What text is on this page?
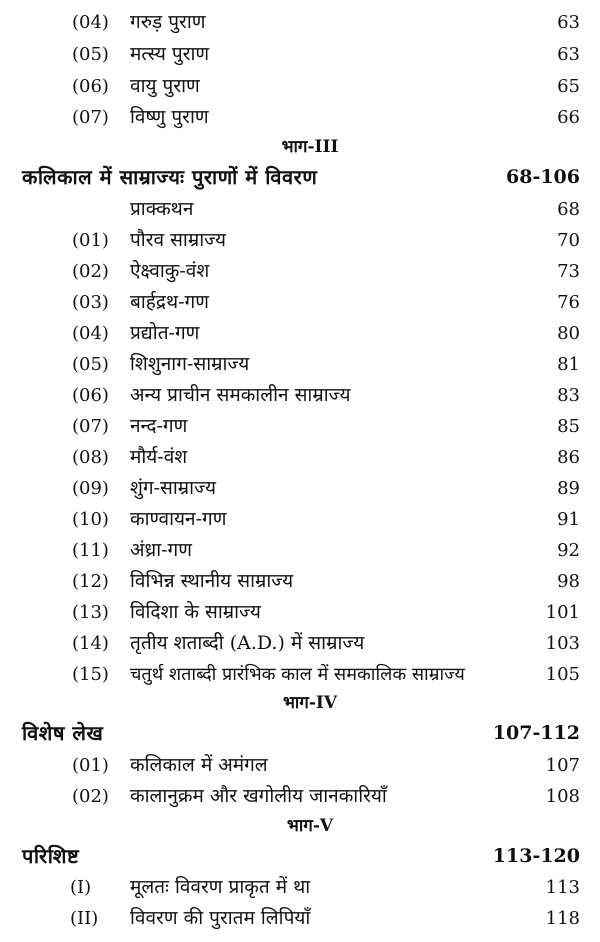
(04)	गरुड़ पुराण	63
(05)	मत्स्य पुराण	63
(06)	वायु पुराण	65
(07)	विष्णु पुराण	66
भाग-III
कलिकाल में साम्राज्यः पुराणों में विवरण	68-106
प्राक्कथन	68
(01)	पौरव साम्राज्य	70
(02)	ऐक्ष्वाकु-वंश	73
(03)	बार्हद्रथ-गण	76
(04)	प्रद्योत-गण	80
(05)	शिशुनाग-साम्राज्य	81
(06)	अन्य प्राचीन समकालीन साम्राज्य	83
(07)	नन्द-गण	85
(08)	मौर्य-वंश	86
(09)	शुंग-साम्राज्य	89
(10)	काण्वायन-गण	91
(11)	अंध्रा-गण	92
(12)	विभिन्न स्थानीय साम्राज्य	98
(13)	विदिशा के साम्राज्य	101
(14)	तृतीय शताब्दी (A.D.) में साम्राज्य	103
(15)	चतुर्थ शताब्दी प्रारंभिक काल में समकालिक साम्राज्य	105
भाग-IV
विशेष लेख	107-112
(01)	कलिकाल में अमंगल	107
(02)	कालानुक्रम और खगोलीय जानकारियाँ	108
भाग-V
परिशिष्ट	113-120
(I)	मूलतः विवरण प्राकृत में था	113
(II)	विवरण की पुरातम लिपियाँ	118
